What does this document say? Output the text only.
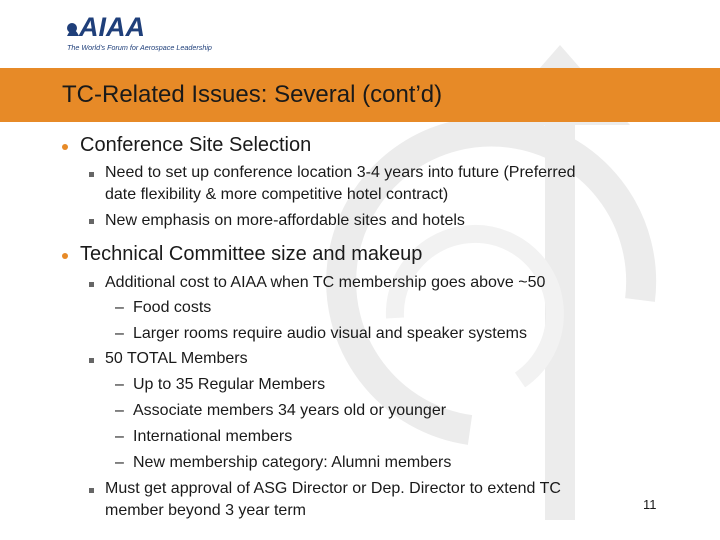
AIAA
The World's Forum for Aerospace Leadership
TC-Related Issues: Several (cont’d)
Conference Site Selection
Need to set up conference location 3-4 years into future (Preferred
date flexibility & more competitive hotel contract)
New emphasis on more-affordable sites and hotels
Technical Committee size and makeup
Additional cost to AIAA when TC membership goes above ~50
– Food costs
– Larger rooms require audio visual and speaker systems
50 TOTAL Members
– Up to 35 Regular Members
– Associate members 34 years old or younger
– International members
– New membership category: Alumni members
Must get approval of ASG Director or Dep. Director to extend TC
member beyond 3 year term	11
